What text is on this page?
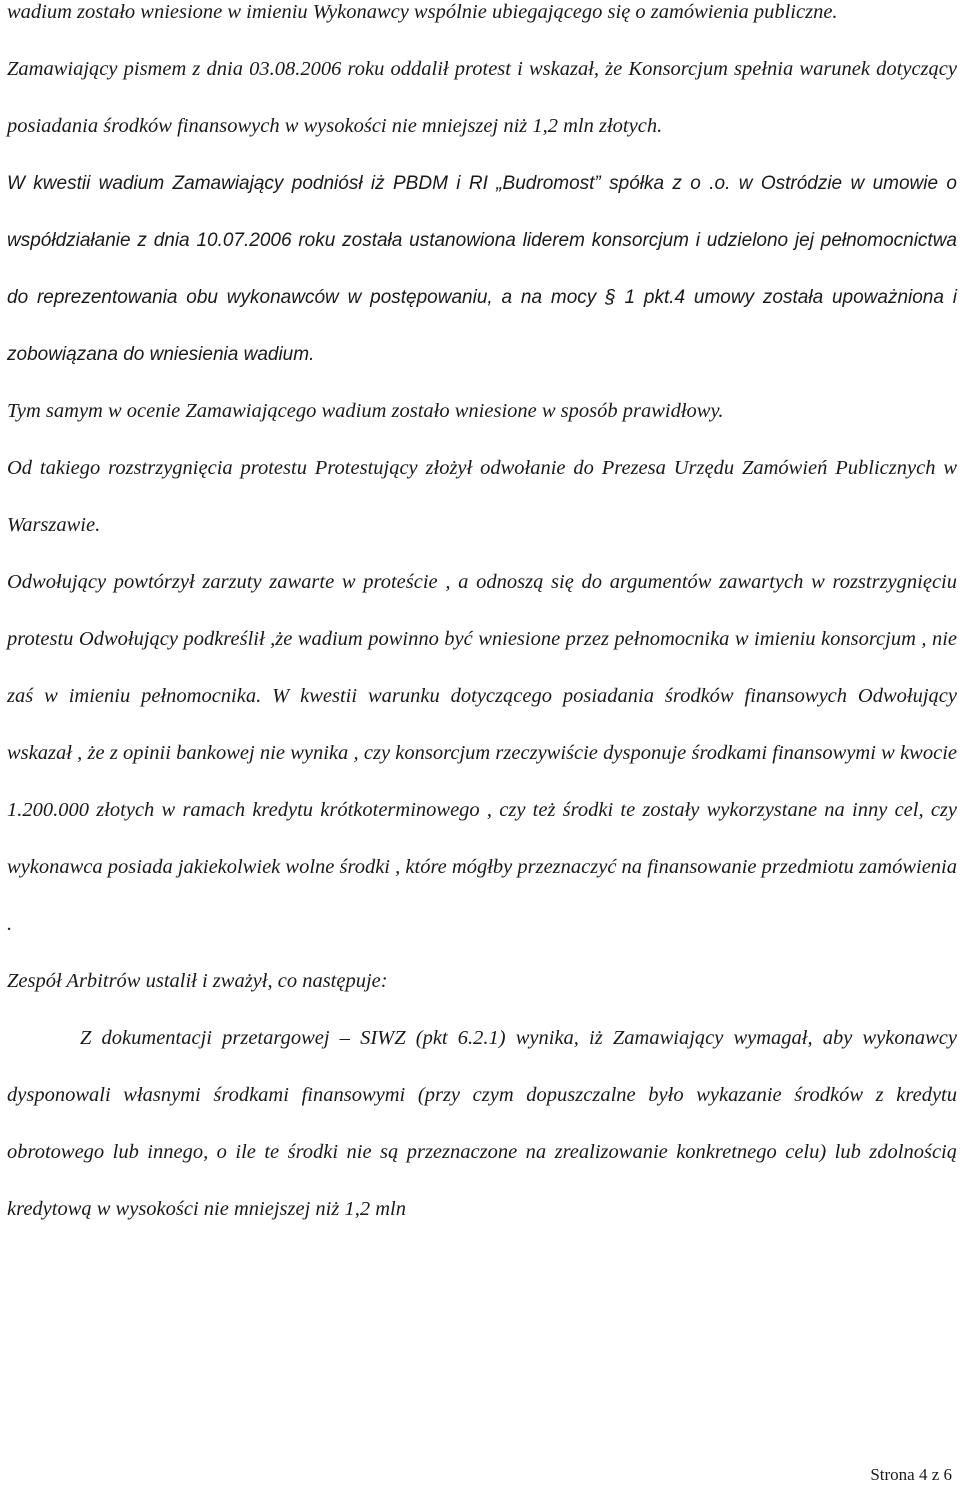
wadium zostało wniesione w imieniu Wykonawcy wspólnie ubiegającego się o zamówienia publiczne.

Zamawiający pismem z dnia 03.08.2006 roku oddalił protest i wskazał, że Konsorcjum spełnia warunek dotyczący posiadania środków finansowych w wysokości nie mniejszej niż 1,2 mln złotych.

W kwestii wadium Zamawiający podniósł iż PBDM i RI „Budromost” spółka z o .o. w Ostródzie w umowie o współdziałanie z dnia 10.07.2006 roku została ustanowiona liderem konsorcjum i udzielono jej pełnomocnictwa do reprezentowania obu wykonawców w postępowaniu, a na mocy § 1 pkt.4 umowy została upoważniona i zobowiązana do wniesienia wadium.

Tym samym w ocenie Zamawiającego wadium zostało wniesione w sposób prawidłowy.

Od takiego rozstrzygnięcia protestu Protestujący złożył odwołanie do Prezesa Urzędu Zamówień Publicznych w Warszawie.

Odwołujący powtórzył zarzuty zawarte w proteście , a odnoszą się do argumentów zawartych w rozstrzygnięciu protestu Odwołujący podkreślił ,że wadium powinno być wniesione przez pełnomocnika w imieniu konsorcjum , nie zaś w imieniu pełnomocnika. W kwestii warunku dotyczącego posiadania środków finansowych Odwołujący wskazał , że z opinii bankowej nie wynika , czy konsorcjum rzeczywiście dysponuje środkami finansowymi w kwocie 1.200.000 złotych w ramach kredytu krótkoterminowego , czy też środki te zostały wykorzystane na inny cel, czy wykonawca posiada jakiekolwiek wolne środki , które mógłby przeznaczyć na finansowanie przedmiotu zamówienia .

Zespół Arbitrów ustalił i zważył, co następuje:

Z dokumentacji przetargowej – SIWZ (pkt 6.2.1) wynika, iż Zamawiający wymagał, aby wykonawcy dysponowali własnymi środkami finansowymi (przy czym dopuszczalne było wykazanie środków z kredytu obrotowego lub innego, o ile te środki nie są przeznaczone na zrealizowanie konkretnego celu) lub zdolnością kredytową w wysokości nie mniejszej niż 1,2 mln

Strona 4 z 6
